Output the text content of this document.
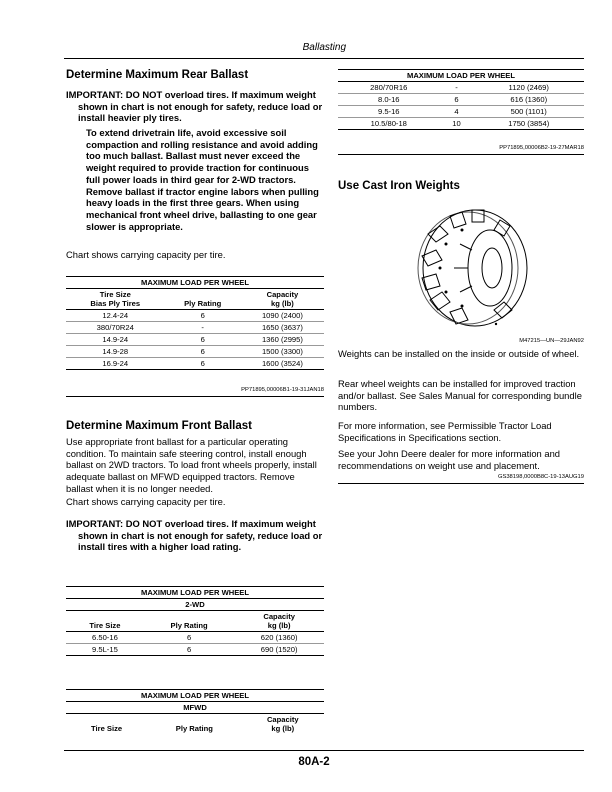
Ballasting
Determine Maximum Rear Ballast
IMPORTANT: DO NOT overload tires. If maximum weight shown in chart is not enough for safety, reduce load or install heavier ply tires.
To extend drivetrain life, avoid excessive soil compaction and rolling resistance and avoid adding too much ballast. Ballast must never exceed the weight required to provide traction for continuous full power loads in third gear for 2-WD tractors. Remove ballast if tractor engine labors when pulling heavy loads in the first three gears. When using mechanical front wheel drive, ballasting to one gear slower is appropriate.

Chart shows carrying capacity per tire.

MAXIMUM LOAD PER WHEEL		
Tire Size
Bias Ply Tires	Ply Rating	Capacity
kg (lb)
12.4-24	6	1090 (2400)
380/70R24	-	1650 (3637)
14.9-24	6	1360 (2995)
14.9-28	6	1500 (3300)
16.9-24	6	1600 (3524)
PP71895,00006B1-19-31JAN18
Determine Maximum Front Ballast

Use appropriate front ballast for a particular operating condition. To maintain safe steering control, install enough ballast on 2WD tractors. To load front wheels properly, install adequate ballast on MFWD equipped tractors. Remove ballast when it is no longer needed.

Chart shows carrying capacity per tire.

IMPORTANT: DO NOT overload tires. If maximum weight shown in chart is not enough for safety, reduce load or install tires with a higher load rating.
MAXIMUM LOAD PER WHEEL		
2-WD		
Tire Size	Ply Rating	Capacity
kg (lb)
6.50-16	6	620 (1360)
9.5L-15	6	690 (1520)
MAXIMUM LOAD PER WHEEL
MFWD
Tire Size	Ply Rating	Capacity
kg (lb)
MAXIMUM LOAD PER WHEEL		
280/70R16	-	1120 (2469)
8.0-16	6	616 (1360)
9.5-16	4	500 (1101)
10.5/80-18	10	1750 (3854)
PP71895,00006B2-19-27MAR18
Use Cast Iron Weights
M47215—UN—29JAN92

Weights can be installed on the inside or outside of wheel.

Rear wheel weights can be installed for improved traction and/or ballast. See Sales Manual for corresponding bundle numbers.

For more information, see Permissible Tractor Load Specifications in Specifications section.

See your John Deere dealer for more information and recommendations on weight use and placement.

GS38198,0000B8C-19-13AUG19
80A-2
